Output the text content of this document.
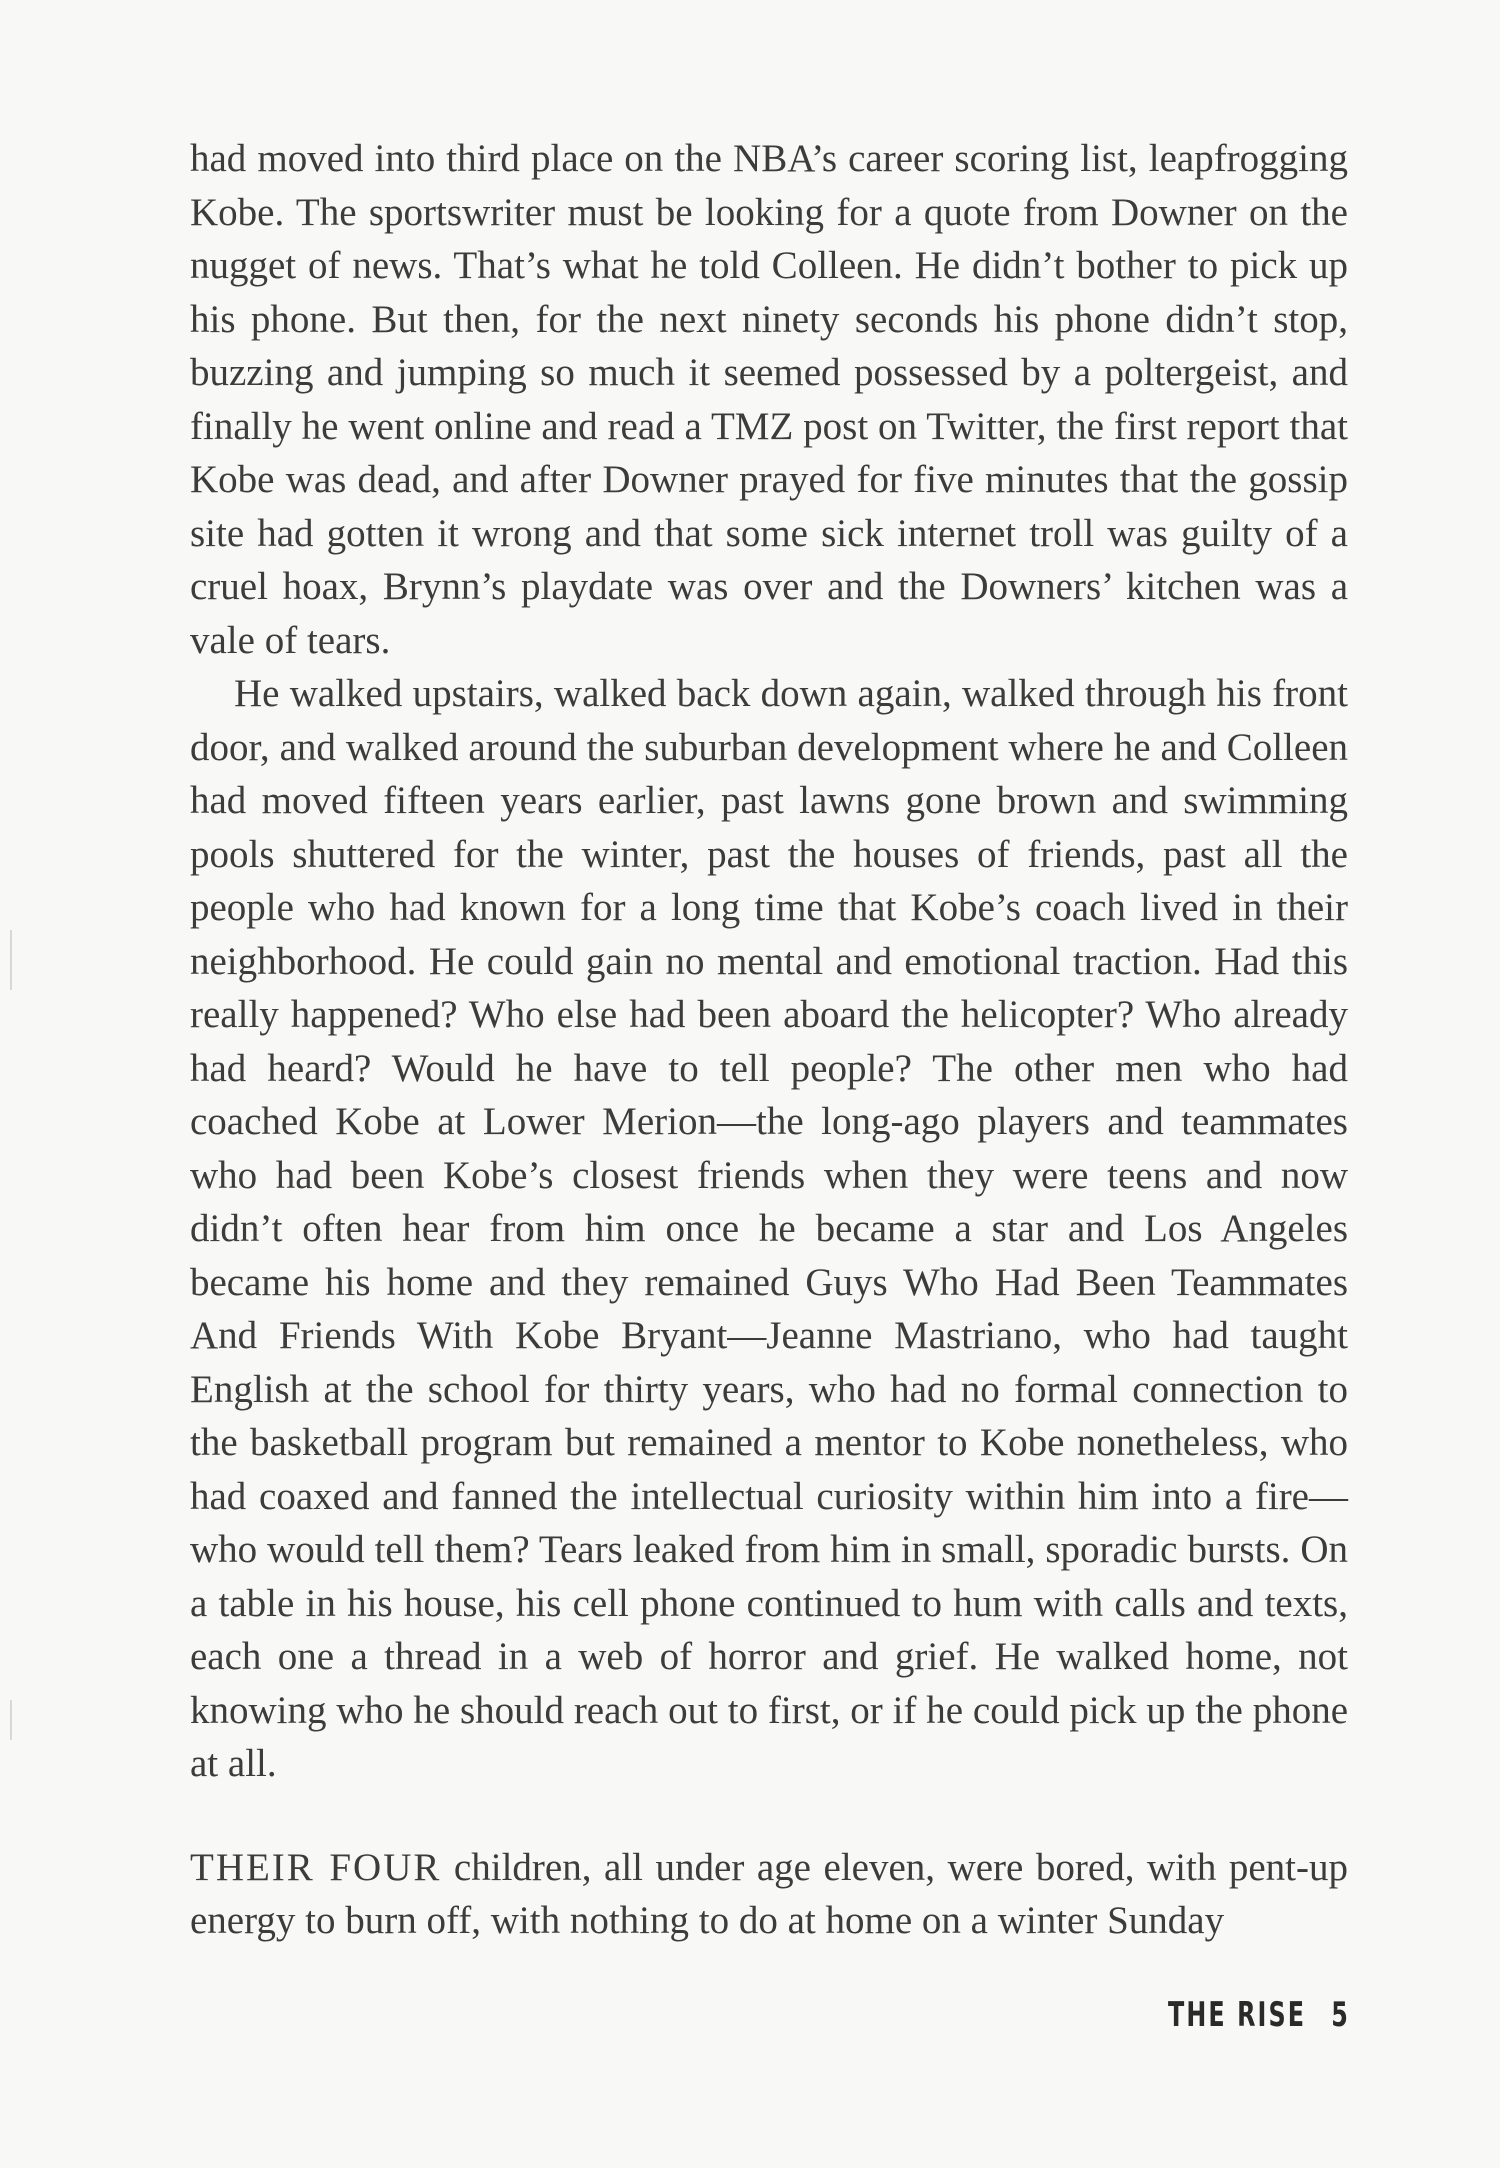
had moved into third place on the NBA’s career scoring list, leapfrogging Kobe. The sportswriter must be looking for a quote from Downer on the nugget of news. That’s what he told Colleen. He didn’t bother to pick up his phone. But then, for the next ninety seconds his phone didn’t stop, buzzing and jumping so much it seemed possessed by a poltergeist, and finally he went online and read a TMZ post on Twitter, the first report that Kobe was dead, and after Downer prayed for five minutes that the gossip site had gotten it wrong and that some sick internet troll was guilty of a cruel hoax, Brynn’s playdate was over and the Downers’ kitchen was a vale of tears.

He walked upstairs, walked back down again, walked through his front door, and walked around the suburban development where he and Colleen had moved fifteen years earlier, past lawns gone brown and swimming pools shuttered for the winter, past the houses of friends, past all the people who had known for a long time that Kobe’s coach lived in their neighborhood. He could gain no mental and emotional traction. Had this really happened? Who else had been aboard the helicopter? Who already had heard? Would he have to tell people? The other men who had coached Kobe at Lower Merion—the long-ago players and teammates who had been Kobe’s closest friends when they were teens and now didn’t often hear from him once he became a star and Los Angeles became his home and they remained Guys Who Had Been Teammates And Friends With Kobe Bryant—Jeanne Mastriano, who had taught English at the school for thirty years, who had no formal connection to the basketball program but remained a mentor to Kobe nonetheless, who had coaxed and fanned the intellectual curiosity within him into a fire—who would tell them? Tears leaked from him in small, sporadic bursts. On a table in his house, his cell phone continued to hum with calls and texts, each one a thread in a web of horror and grief. He walked home, not knowing who he should reach out to first, or if he could pick up the phone at all.

THEIR FOUR children, all under age eleven, were bored, with pent-up energy to burn off, with nothing to do at home on a winter Sunday

THE RISE 5
